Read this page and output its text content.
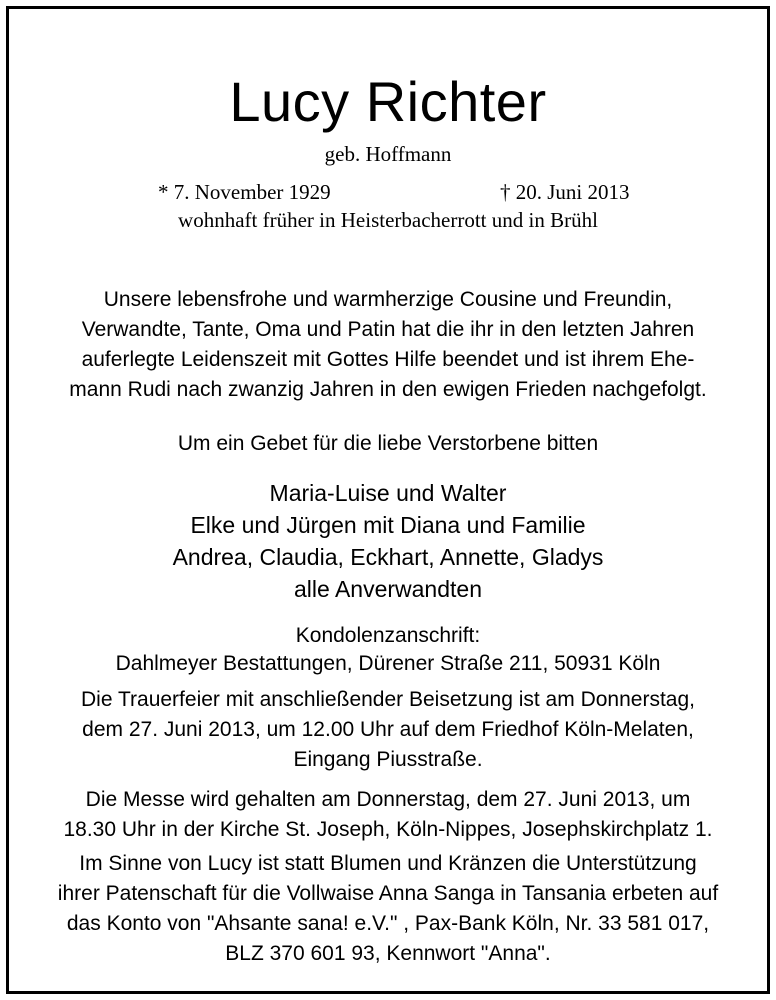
Lucy Richter
geb. Hoffmann
* 7. November 1929	† 20. Juni 2013
wohnhaft früher in Heisterbacherrott und in Brühl
Unsere lebensfrohe und warmherzige Cousine und Freundin,
Verwandte, Tante, Oma und Patin hat die ihr in den letzten Jahren
auferlegte Leidenszeit mit Gottes Hilfe beendet und ist ihrem Ehe-
mann Rudi nach zwanzig Jahren in den ewigen Frieden nachgefolgt.
Um ein Gebet für die liebe Verstorbene bitten
Maria-Luise und Walter
Elke und Jürgen mit Diana und Familie
Andrea, Claudia, Eckhart, Annette, Gladys
alle Anverwandten
Kondolenzanschrift:
Dahlmeyer Bestattungen, Dürener Straße 211, 50931 Köln
Die Trauerfeier mit anschließender Beisetzung ist am Donnerstag,
dem 27. Juni 2013, um 12.00 Uhr auf dem Friedhof Köln-Melaten,
Eingang Piusstraße.
Die Messe wird gehalten am Donnerstag, dem 27. Juni 2013, um
18.30 Uhr in der Kirche St. Joseph, Köln-Nippes, Josephskirchplatz 1.
Im Sinne von Lucy ist statt Blumen und Kränzen die Unterstützung
ihrer Patenschaft für die Vollwaise Anna Sanga in Tansania erbeten auf
das Konto von "Ahsante sana! e.V." , Pax-Bank Köln, Nr. 33 581 017,
BLZ 370 601 93, Kennwort "Anna".
